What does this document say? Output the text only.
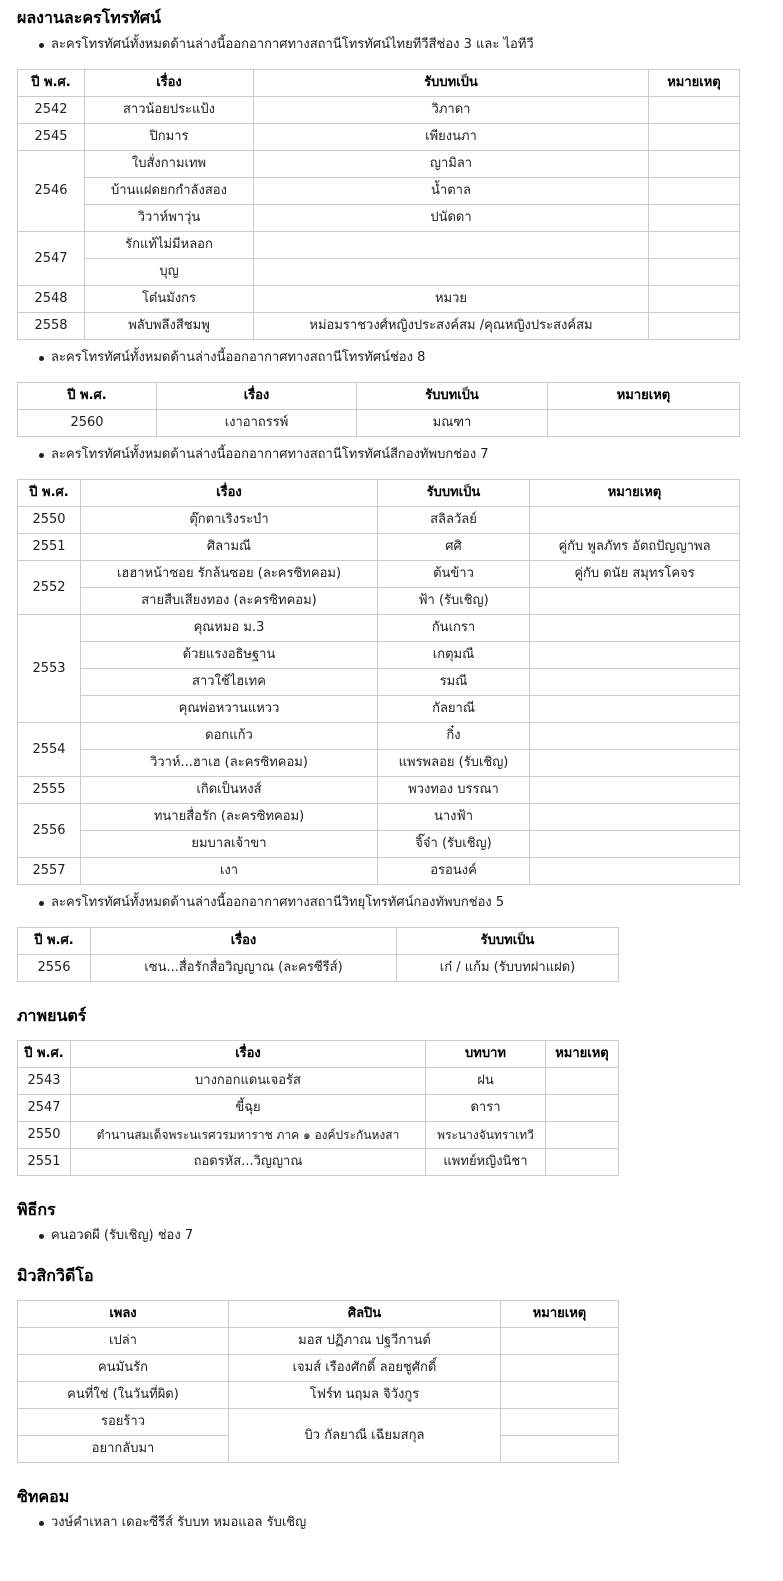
ผลงานละครโทรทัศน์
ละครโทรทัศน์ทั้งหมดด้านล่างนี้ออกอากาศทางสถานีโทรทัศน์ไทยทีวีสีช่อง 3 และ ไอทีวี
ปี พ.ศ.	เรื่อง	รับบทเป็น	หมายเหตุ
2542	สาวน้อยประแป้ง	วิภาดา	
2545	ปิกมาร	เพียงนภา	
2546	ใบสั่งกามเทพ	ญามิลา	
	บ้านแฝดยกกำลังสอง	น้ำตาล	
	วิวาห์พาวุ่น	ปนัดดา	
2547	รักแท้ไม่มีหลอก		
	บุญ		
2548	โต๋นมังกร	หมวย	
2558	พลับพลึงสีชมพู	หม่อมราชวงศ์หญิงประสงค์สม /คุณหญิงประสงค์สม	
ละครโทรทัศน์ทั้งหมดด้านล่างนี้ออกอากาศทางสถานีโทรทัศน์ช่อง 8
ปี พ.ศ.	เรื่อง	รับบทเป็น	หมายเหตุ
2560	เงาอาถรรพ์	มณฑา	
ละครโทรทัศน์ทั้งหมดด้านล่างนี้ออกอากาศทางสถานีโทรทัศน์สีกองทัพบกช่อง 7
ปี พ.ศ.	เรื่อง	รับบทเป็น	หมายเหตุ
2550	ตุ๊กตาเริงระบำ	สลิลวัลย์	
2551	ศิลามณี	ศศิ	คู่กับ พูลภัทร อัตถปัญญาพล
2552	เฮฮาหน้าซอย รักล้นซอย (ละครซิทคอม)	ต้นข้าว	คู่กับ ดนัย สมุทรโคจร
	สายสืบเสียงทอง (ละครซิทคอม)	ฟ้า (รับเชิญ)	
2553	คุณหมอ ม.3	กันเกรา	
	ด้วยแรงอธิษฐาน	เกตุมณี	
	สาวใช้ไฮเทค	รมณี	
	คุณพ่อหวานแหวว	กัลยาณี	
2554	ดอกแก้ว	กิ๋ง	
	วิวาห์...ฮาเฮ (ละครซิทคอม)	แพรพลอย (รับเชิญ)	
2555	เกิดเป็นหงส์	พวงทอง บรรณา	
2556	ทนายสื่อรัก (ละครซิทคอม)	นางฟ้า	
	ยมบาลเจ้าขา	จิ๊จ๋า (รับเชิญ)	
2557	เงา	อรอนงค์	
ละครโทรทัศน์ทั้งหมดด้านล่างนี้ออกอากาศทางสถานีวิทยุโทรทัศน์กองทัพบกช่อง 5
ปี พ.ศ.	เรื่อง	รับบทเป็น
2556	เซน...สื่อรักสื่อวิญญาณ (ละครซีรีส์)	เก๋ / แก้ม (รับบทฝาแฝด)
ภาพยนตร์
ปี พ.ศ.	เรื่อง	บทบาท	หมายเหตุ
2543	บางกอกแดนเจอรัส	ฝน	
2547	ขี้ฉุย	ดารา	
2550	ตำนานสมเด็จพระนเรศวรมหาราช ภาค ๑ องค์ประกันหงสา	พระนางจันทราเทวี	
2551	ถอดรหัส...วิญญาณ	แพทย์หญิงนิชา	
พิธีกร
คนอวดผี (รับเชิญ) ช่อง 7
มิวสิกวิดีโอ
เพลง	ศิลปิน	หมายเหตุ
เปล่า	มอส ปฏิภาณ ปฐวีกานต์	
คนมันรัก	เจมส์ เรืองศักดิ์ ลอยชูศักดิ์	
คนที่ใช่ (ในวันที่ผิด)	โฟร์ท นฤมล จิวังกูร	
รอยร้าว	บิว กัลยาณี เฉียมสกุล	
อยากลับมา		
ซิทคอม
วงษ์คำเหลา เดอะซีรีส์ รับบท หมอแอล รับเชิญ
